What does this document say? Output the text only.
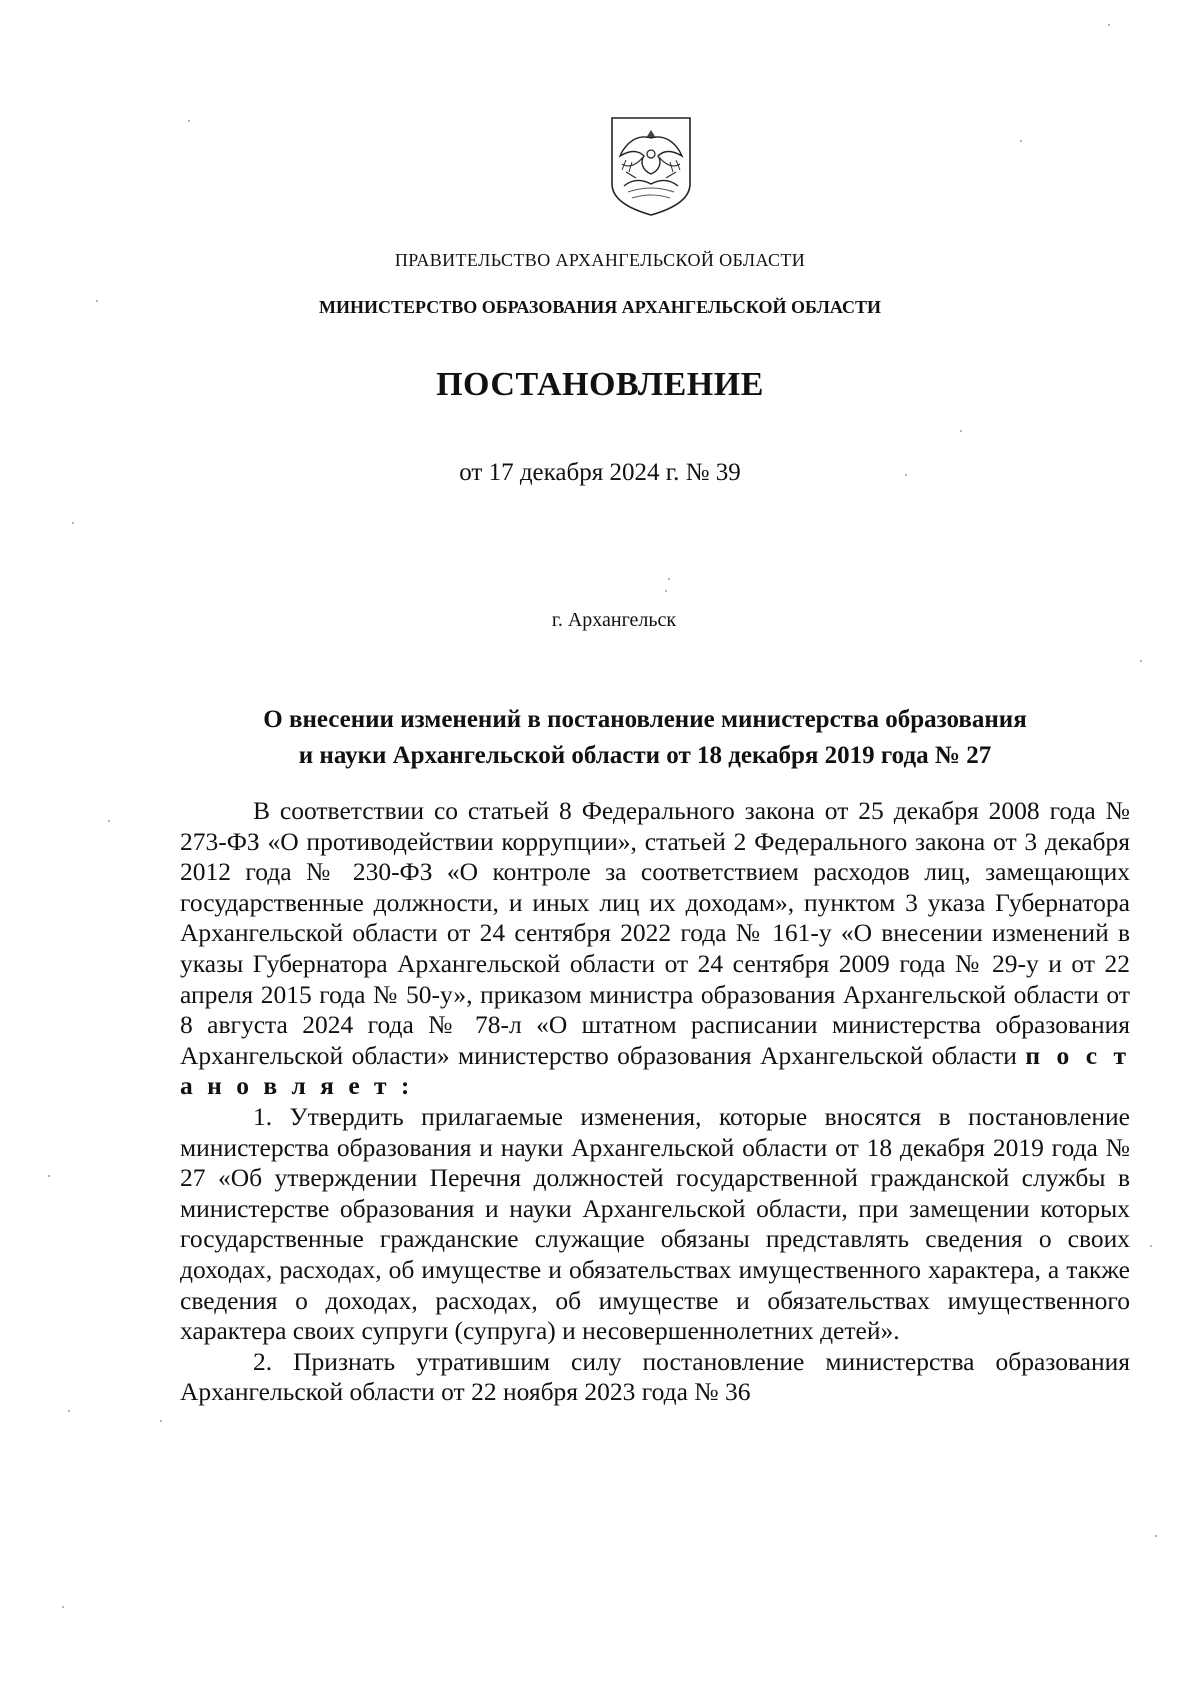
ПРАВИТЕЛЬСТВО АРХАНГЕЛЬСКОЙ ОБЛАСТИ
МИНИСТЕРСТВО ОБРАЗОВАНИЯ АРХАНГЕЛЬСКОЙ ОБЛАСТИ
ПОСТАНОВЛЕНИЕ
от 17 декабря 2024 г. № 39
г. Архангельск
О внесении изменений в постановление министерства образования
и науки Архангельской области от 18 декабря 2019 года № 27

В соответствии со статьей 8 Федерального закона от 25 декабря 2008 года № 273-ФЗ «О противодействии коррупции», статьей 2 Федерального закона от 3 декабря 2012 года № 230-ФЗ «О контроле за соответствием расходов лиц, замещающих государственные должности, и иных лиц их доходам», пунктом 3 указа Губернатора Архангельской области от 24 сентября 2022 года № 161-у «О внесении изменений в указы Губернатора Архангельской области от 24 сентября 2009 года № 29-у и от 22 апреля 2015 года № 50-у», приказом министра образования Архангельской области от 8 августа 2024 года № 78-л «О штатном расписании министерства образования Архангельской области» министерство образования Архангельской области п о с т а н о в л я е т :

1. Утвердить прилагаемые изменения, которые вносятся в постановление министерства образования и науки Архангельской области от 18 декабря 2019 года № 27 «Об утверждении Перечня должностей государственной гражданской службы в министерстве образования и науки Архангельской области, при замещении которых государственные гражданские служащие обязаны представлять сведения о своих доходах, расходах, об имуществе и обязательствах имущественного характера, а также сведения о доходах, расходах, об имуществе и обязательствах имущественного характера своих супруги (супруга) и несовершеннолетних детей».

2. Признать утратившим силу постановление министерства образования Архангельской области от 22 ноября 2023 года № 36
